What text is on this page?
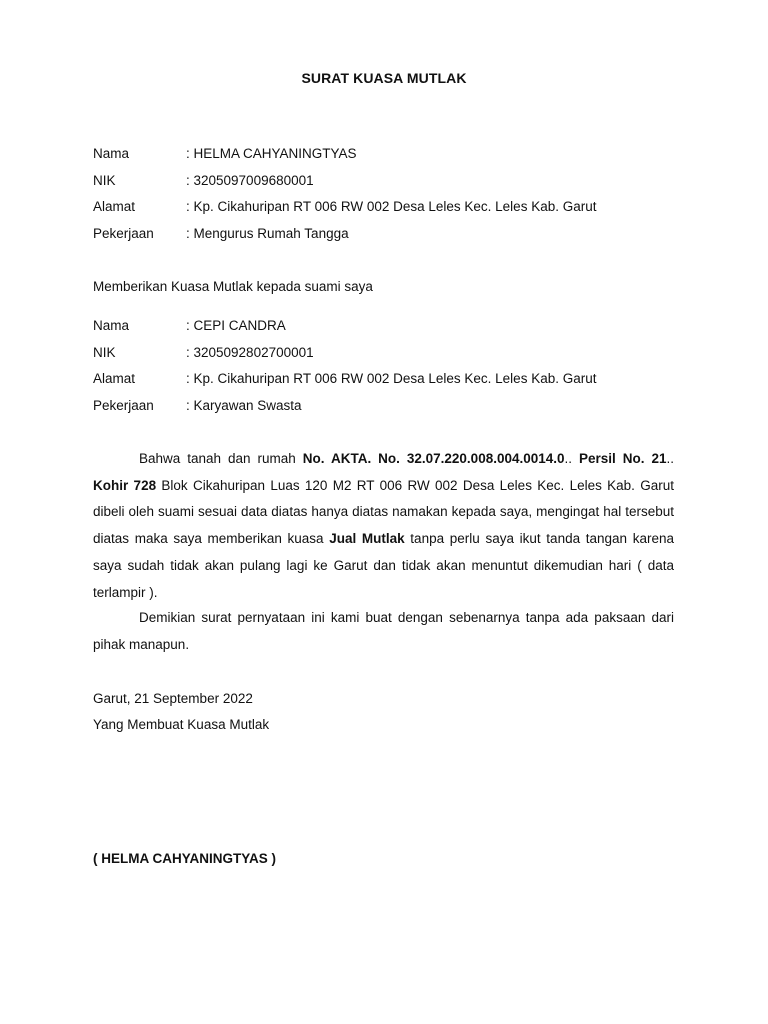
SURAT KUASA MUTLAK
Nama	: HELMA CAHYANINGTYAS
NIK	: 3205097009680001
Alamat	: Kp. Cikahuripan RT 006 RW 002 Desa Leles Kec. Leles Kab. Garut
Pekerjaan : Mengurus Rumah Tangga
Memberikan Kuasa Mutlak kepada suami saya
Nama	: CEPI CANDRA
NIK	: 3205092802700001
Alamat	: Kp. Cikahuripan RT 006 RW 002 Desa Leles Kec. Leles Kab. Garut
Pekerjaan : Karyawan Swasta
Bahwa tanah dan rumah No. AKTA. No. 32.07.220.008.004.0014.0.. Persil No. 21.. Kohir 728 Blok Cikahuripan Luas 120 M2 RT 006 RW 002 Desa Leles Kec. Leles Kab. Garut dibeli oleh suami sesuai data diatas hanya diatas namakan kepada saya, mengingat hal tersebut diatas maka saya memberikan kuasa Jual Mutlak tanpa perlu saya ikut tanda tangan karena saya sudah tidak akan pulang lagi ke Garut dan tidak akan menuntut dikemudian hari ( data terlampir ).
Demikian surat pernyataan ini kami buat dengan sebenarnya tanpa ada paksaan dari pihak manapun.
Garut, 21 September 2022
Yang Membuat Kuasa Mutlak
( HELMA CAHYANINGTYAS )
